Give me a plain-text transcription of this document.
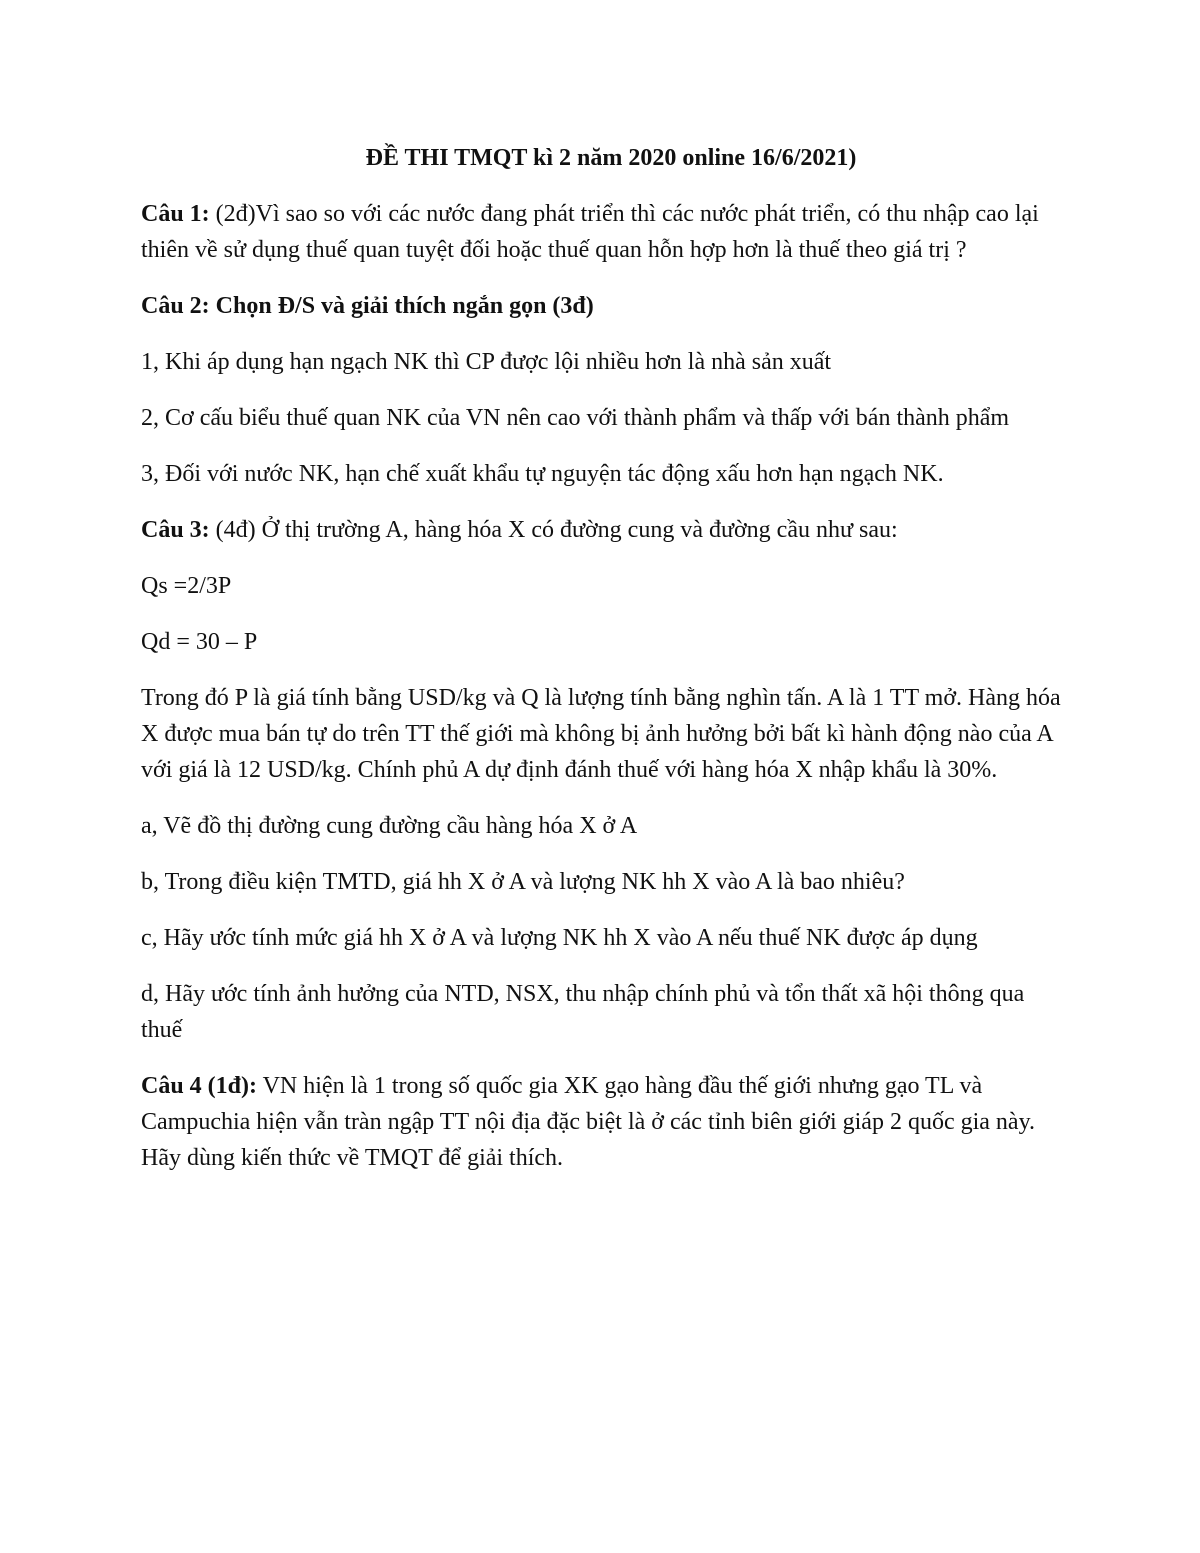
ĐỀ THI TMQT kì 2 năm 2020 online 16/6/2021)

Câu 1: (2đ)Vì sao so với các nước đang phát triển thì các nước phát triển, có thu nhập cao lại thiên về sử dụng thuế quan tuyệt đối hoặc thuế quan hỗn hợp hơn là thuế theo giá trị ?

Câu 2: Chọn Đ/S và giải thích ngắn gọn (3đ)

1, Khi áp dụng hạn ngạch NK thì CP được lội nhiều hơn là nhà sản xuất

2, Cơ cấu biểu thuế quan NK của VN nên cao với thành phẩm và thấp với bán thành phẩm

3, Đối với nước NK, hạn chế xuất khẩu tự nguyện tác động xấu hơn hạn ngạch NK.

Câu 3: (4đ) Ở thị trường A, hàng hóa X có đường cung và đường cầu như sau:

Qs =2/3P

Qd = 30 – P

Trong đó P là giá tính bằng USD/kg và Q là lượng tính bằng nghìn tấn. A là 1 TT mở. Hàng hóa X được mua bán tự do trên TT thế giới mà không bị ảnh hưởng bởi bất kì hành động nào của A với giá là 12 USD/kg. Chính phủ A dự định đánh thuế với hàng hóa X nhập khẩu là 30%.

a, Vẽ đồ thị đường cung đường cầu hàng hóa X ở A

b, Trong điều kiện TMTD, giá hh X ở A và lượng NK hh X vào A là bao nhiêu?

c, Hãy ước tính mức giá hh X ở A và lượng NK hh X vào A nếu thuế NK được áp dụng

d, Hãy ước tính ảnh hưởng của NTD, NSX, thu nhập chính phủ và tổn thất xã hội thông qua thuế

Câu 4 (1đ): VN hiện là 1 trong số quốc gia XK gạo hàng đầu thế giới nhưng gạo TL và Campuchia hiện vẫn tràn ngập TT nội địa đặc biệt là ở các tỉnh biên giới giáp 2 quốc gia này. Hãy dùng kiến thức về TMQT để giải thích.
